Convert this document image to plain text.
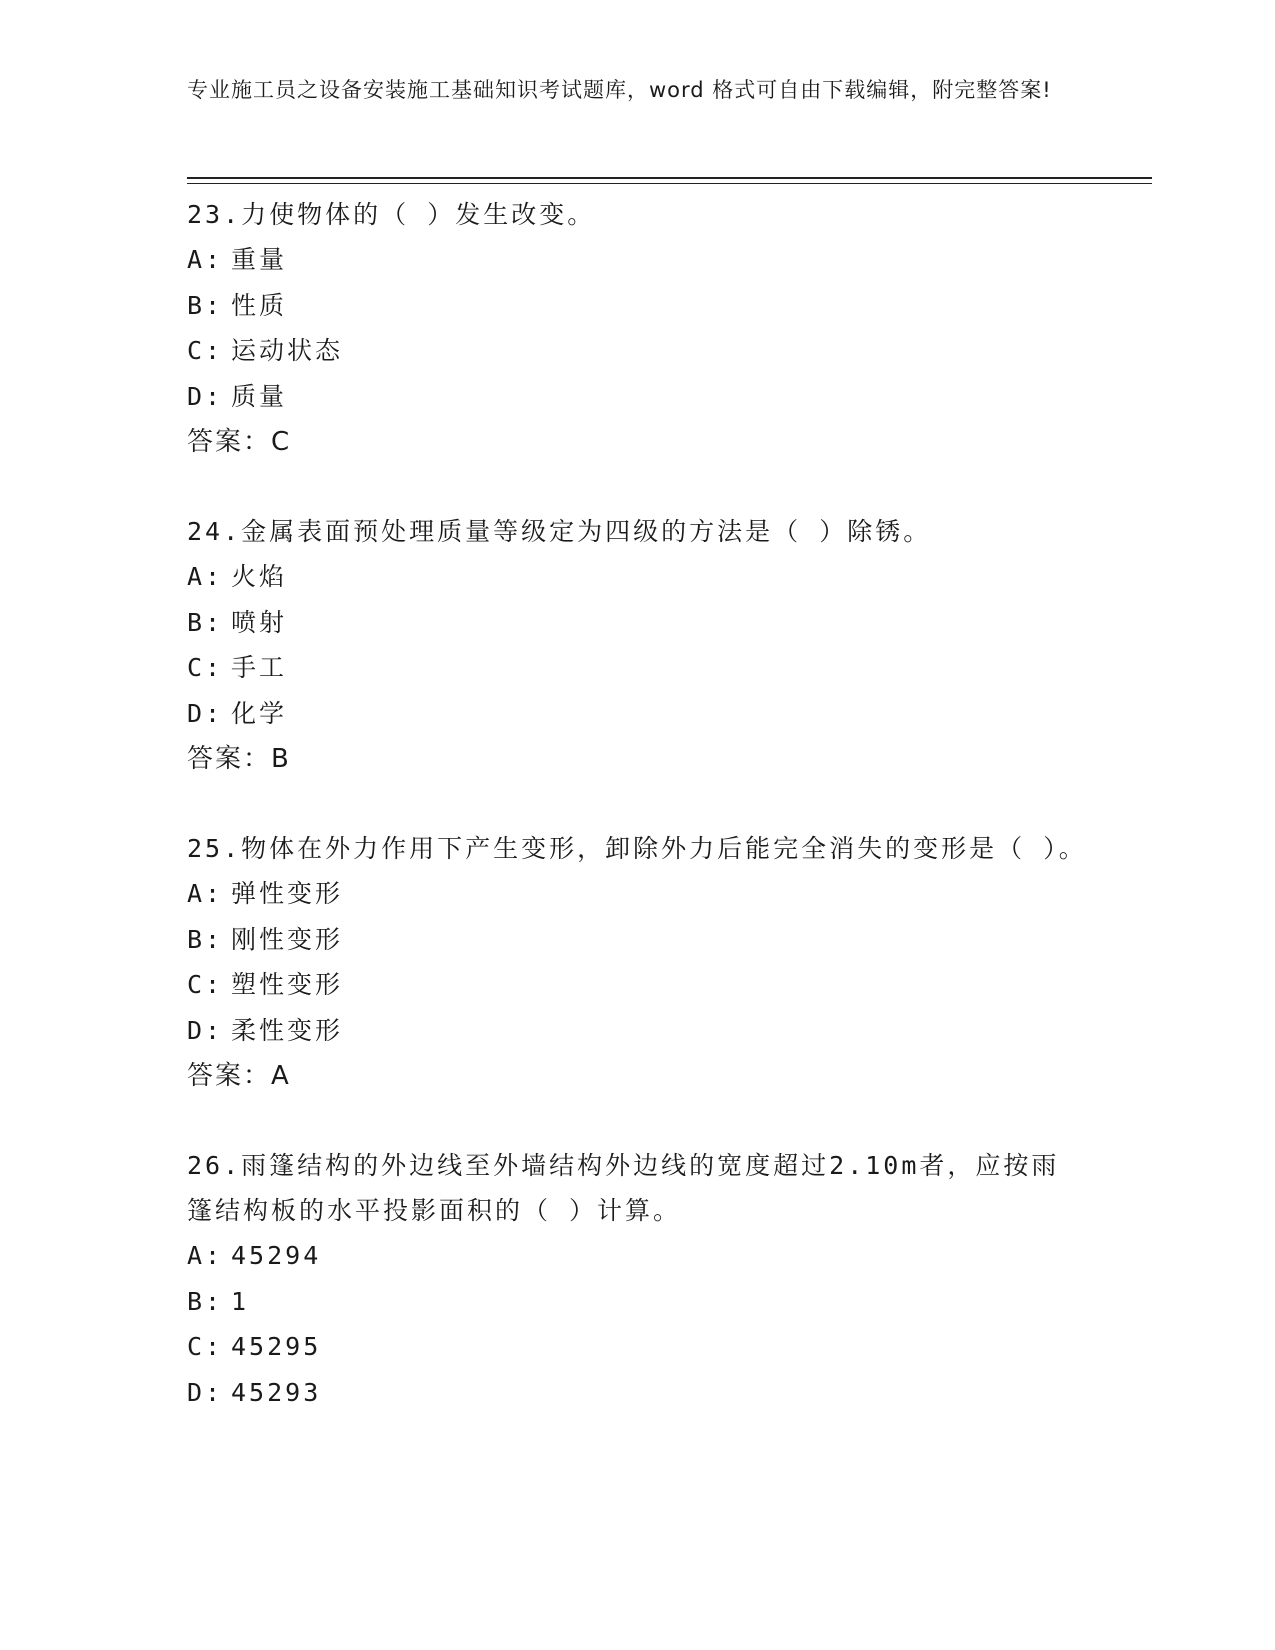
专业施工员之设备安装施工基础知识考试题库，word 格式可自由下载编辑，附完整答案!

23.力使物体的（ ）发生改变。

A: 重量
B: 性质
C: 运动状态
D: 质量
答案：C

24.金属表面预处理质量等级定为四级的方法是（ ）除锈。

A: 火焰
B: 喷射
C: 手工
D: 化学
答案：B

25.物体在外力作用下产生变形，卸除外力后能完全消失的变形是（ ）。

A: 弹性变形
B: 刚性变形
C: 塑性变形
D: 柔性变形
答案：A

26.雨篷结构的外边线至外墙结构外边线的宽度超过2.10m者，应按雨篷结构板的水平投影面积的（ ）计算。

A: 45294
B: 1
C: 45295
D: 45293
